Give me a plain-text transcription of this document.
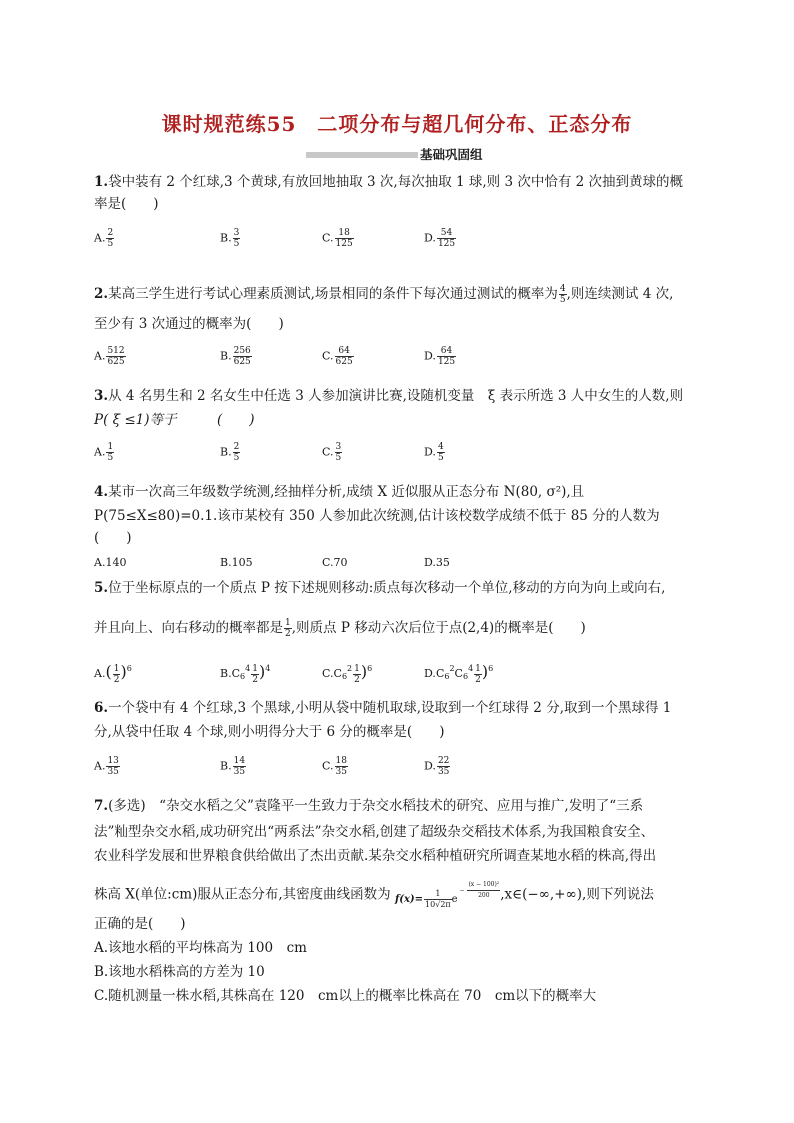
课时规范练55　二项分布与超几何分布、正态分布
基础巩固组
1.袋中装有 2 个红球,3 个黄球,有放回地抽取 3 次,每次抽取 1 球,则 3 次中恰有 2 次抽到黄球的概
率是(　　)
A. $\frac{2}{5}$	B. $\frac{3}{5}$	C. $\frac{18}{125}$	D. $\frac{54}{125}$
2.某高三学生进行考试心理素质测试,场景相同的条件下每次通过测试的概率为 $\frac{4}{5}$ ,则连续测试 4 次,
至少有 3 次通过的概率为(　　)
A. $\frac{512}{625}$	B. $\frac{256}{625}$	C. $\frac{64}{625}$	D. $\frac{64}{125}$
3.从 4 名男生和 2 名女生中任选 3 人参加演讲比赛,设随机变量　ξ 表示所选 3 人中女生的人数,则
P( ξ ≤1)等于　　　(　　)
A. $\frac{1}{5}$	B. $\frac{2}{5}$	C. $\frac{3}{5}$	D. $\frac{4}{5}$
4.某市一次高三年级数学统测,经抽样分析,成绩 X 近似服从正态分布 N(80, σ²),且
P(75≤X≤80)=0.1.该市某校有 350 人参加此次统测,估计该校数学成绩不低于 85 分的人数为
(　　)
A.140	B.105	C.70	D.35
5.位于坐标原点的一个质点 P 按下述规则移动:质点每次移动一个单位,移动的方向为向上或向右,
并且向上、向右移动的概率都是 $\frac{1}{2}$ ,则质点 P 移动六次后位于点(2,4)的概率是(　　)
$A.( \frac{1}{2} )^6$	$B.C_6^4 \frac{1}{2} )^4$	$C.C_6^2 \frac{1}{2} )^6$	$D.C_6^2C_6^4 \frac{1}{2} )^6$
6.一个袋中有 4 个红球,3 个黑球,小明从袋中随机取球,设取到一个红球得 2 分,取到一个黑球得 1
分,从袋中任取 4 个球,则小明得分大于 6 分的概率是(　　)
A. $\frac{13}{35}$	B. $\frac{14}{35}$	C. $\frac{18}{35}$	D. $\frac{22}{35}$
7.(多选)　“杂交水稻之父”袁隆平一生致力于杂交水稻技术的研究、应用与推广,发明了“三系
法”籼型杂交水稻,成功研究出“两系法”杂交水稻,创建了超级杂交稻技术体系,为我国粮食安全、
农业科学发展和世界粮食供给做出了杰出贡献.某杂交水稻种植研究所调查某地水稻的株高,得出
株高 X(单位:cm)服从正态分布,其密度曲线函数为 $f(x)= \frac{1}{10√2\pi}$ e $^{- \frac{\text{(x − 100)²}}{200}}$ ,x∈(−∞,+∞),则下列说法
正确的是(　　)
A.该地水稻的平均株高为 100　cm
B.该地水稻株高的方差为 10
C.随机测量一株水稻,其株高在 120　cm以上的概率比株高在 70　cm以下的概率大
